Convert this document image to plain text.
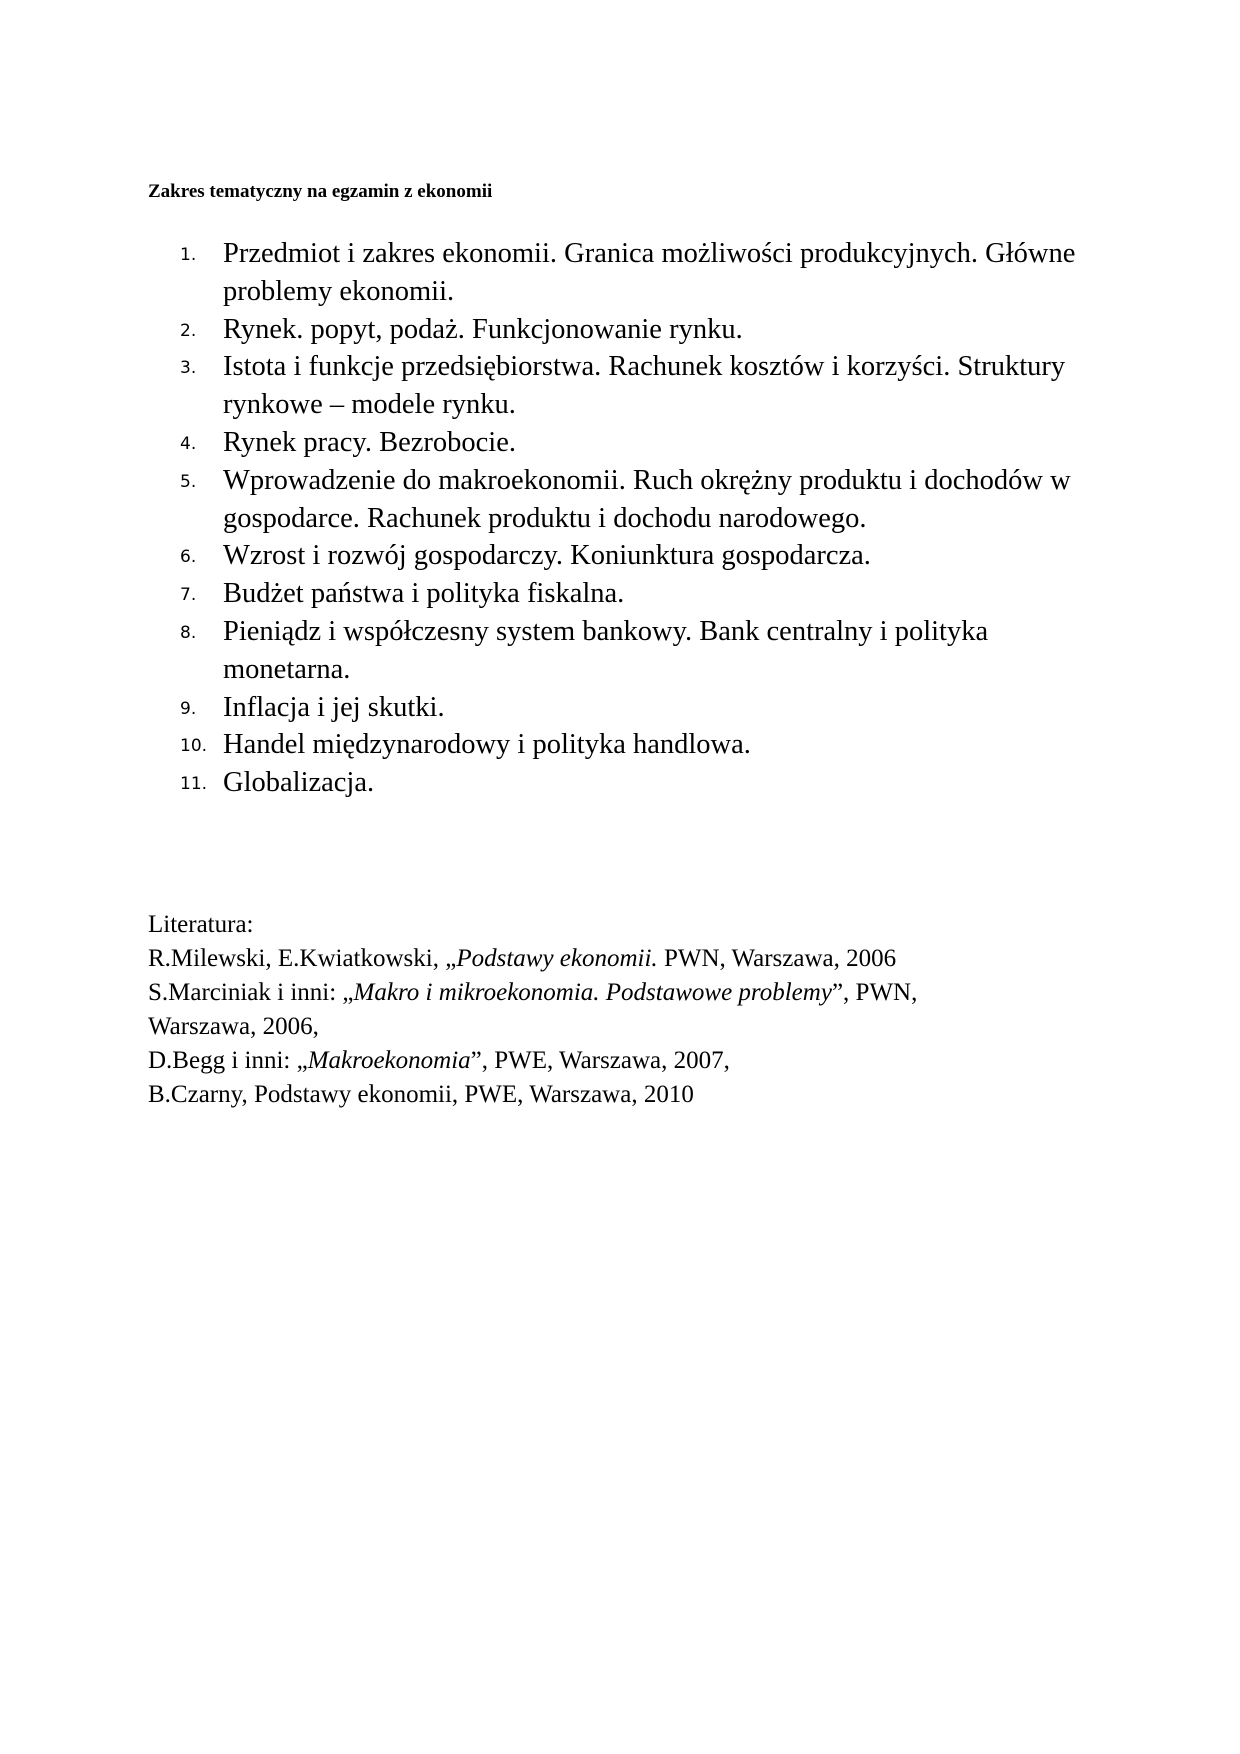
Zakres tematyczny na egzamin z ekonomii
1. Przedmiot i zakres ekonomii. Granica możliwości produkcyjnych. Główne problemy ekonomii.
2. Rynek. popyt, podaż. Funkcjonowanie rynku.
3. Istota i funkcje przedsiębiorstwa. Rachunek kosztów i korzyści. Struktury rynkowe – modele rynku.
4. Rynek pracy. Bezrobocie.
5. Wprowadzenie do makroekonomii. Ruch okrężny produktu i dochodów w gospodarce. Rachunek produktu i dochodu narodowego.
6. Wzrost i rozwój gospodarczy. Koniunktura gospodarcza.
7. Budżet państwa i polityka fiskalna.
8. Pieniądz i współczesny system bankowy. Bank centralny i polityka monetarna.
9. Inflacja i jej skutki.
10. Handel międzynarodowy i polityka handlowa.
11. Globalizacja.
Literatura:
R.Milewski, E.Kwiatkowski, „Podstawy ekonomii. PWN, Warszawa, 2006
S.Marciniak i inni: „Makro i mikroekonomia. Podstawowe problemy”, PWN,
Warszawa, 2006,
D.Begg i inni: „Makroekonomia”, PWE, Warszawa, 2007,
B.Czarny, Podstawy ekonomii, PWE, Warszawa, 2010
